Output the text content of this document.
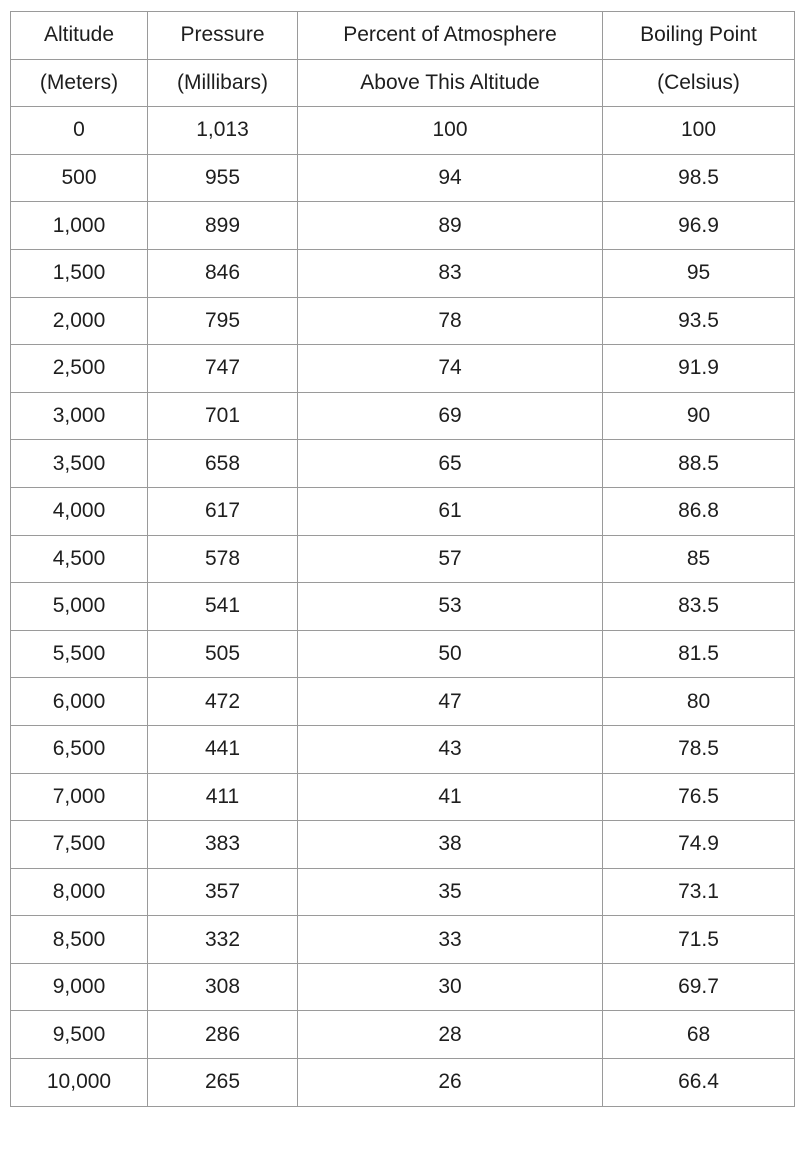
Altitude	Pressure	Percent of Atmosphere	Boiling Point
(Meters)	(Millibars)	Above This Altitude	(Celsius)
0	1,013	100	100
500	955	94	98.5
1,000	899	89	96.9
1,500	846	83	95
2,000	795	78	93.5
2,500	747	74	91.9
3,000	701	69	90
3,500	658	65	88.5
4,000	617	61	86.8
4,500	578	57	85
5,000	541	53	83.5
5,500	505	50	81.5
6,000	472	47	80
6,500	441	43	78.5
7,000	411	41	76.5
7,500	383	38	74.9
8,000	357	35	73.1
8,500	332	33	71.5
9,000	308	30	69.7
9,500	286	28	68
10,000	265	26	66.4
